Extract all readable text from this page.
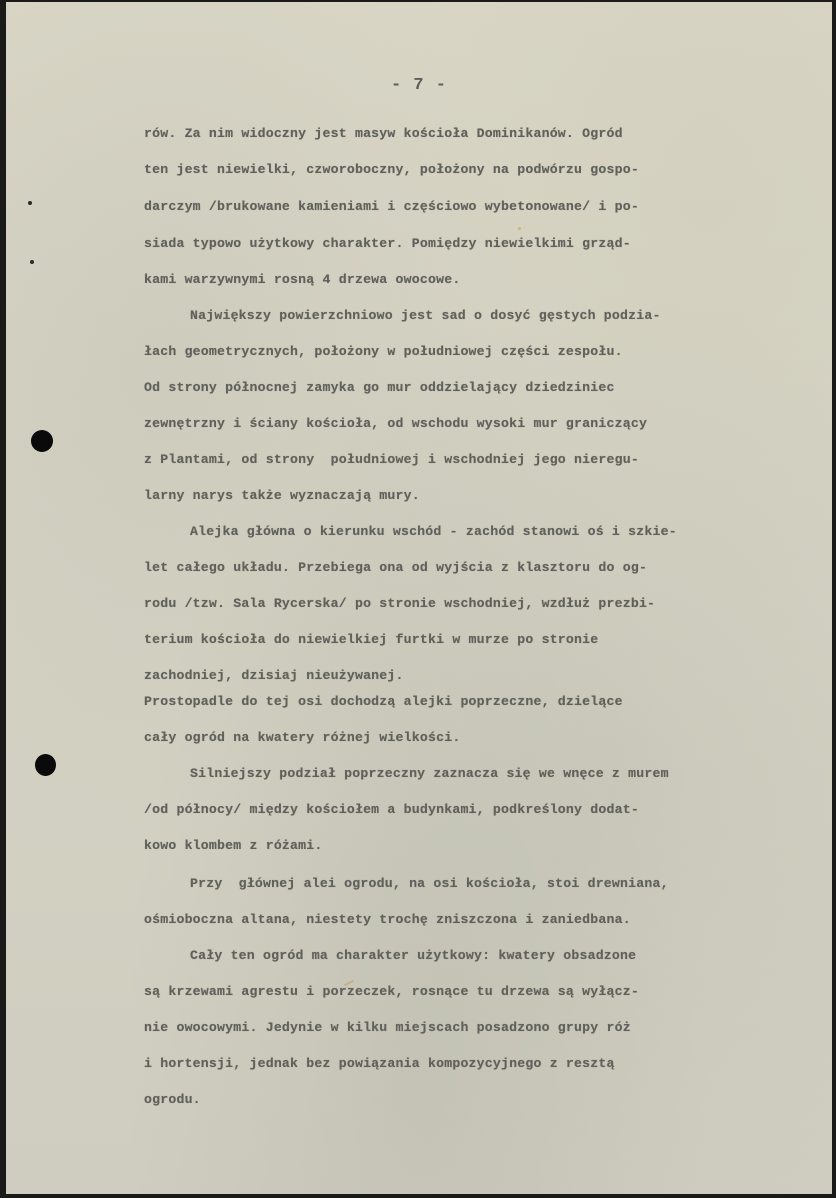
- 7 -
rów. Za nim widoczny jest masyw kościoła Dominikanów. Ogród
ten jest niewielki, czworoboczny, położony na podwórzu gospo-
darczym /brukowane kamieniami i częściowo wybetonowane/ i po-
siada typowo użytkowy charakter. Pomiędzy niewielkimi grząd-
kami warzywnymi rosną 4 drzewa owocowe.
Największy powierzchniowo jest sad o dosyć gęstych podzia-
łach geometrycznych, położony w południowej części zespołu.
Od strony północnej zamyka go mur oddzielający dziedziniec
zewnętrzny i ściany kościoła, od wschodu wysoki mur graniczący
z Plantami, od strony  południowej i wschodniej jego nieregu-
larny narys także wyznaczają mury.
Alejka główna o kierunku wschód - zachód stanowi oś i szkie-
let całego układu. Przebiega ona od wyjścia z klasztoru do og-
rodu /tzw. Sala Rycerska/ po stronie wschodniej, wzdłuż prezbi-
terium kościoła do niewielkiej furtki w murze po stronie
zachodniej, dzisiaj nieużywanej.
Prostopadle do tej osi dochodzą alejki poprzeczne, dzielące
cały ogród na kwatery różnej wielkości.
Silniejszy podział poprzeczny zaznacza się we wnęce z murem
/od północy/ między kościołem a budynkami, podkreślony dodat-
kowo klombem z różami.
Przy  głównej alei ogrodu, na osi kościoła, stoi drewniana,
ośmioboczna altana, niestety trochę zniszczona i zaniedbana.
Cały ten ogród ma charakter użytkowy: kwatery obsadzone
są krzewami agrestu i porzeczek, rosnące tu drzewa są wyłącz-
nie owocowymi. Jedynie w kilku miejscach posadzono grupy róż
i hortensji, jednak bez powiązania kompozycyjnego z resztą
ogrodu.
